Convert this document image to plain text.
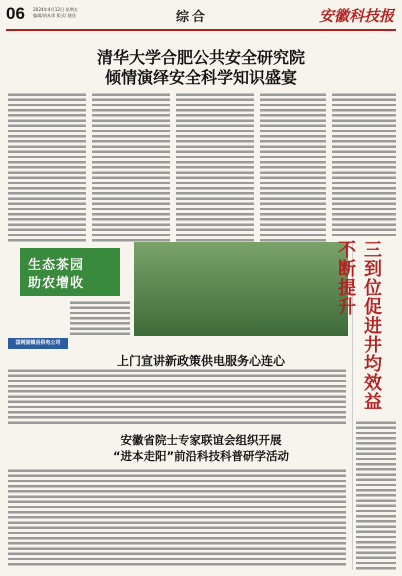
06 2024年4月12日 星期五
编辑/胡从荣 版式/ 姚佳	综合	安徽科技报
清华大学合肥公共安全研究院
倾情演绎安全科学知识盛宴
生态茶园
助农增收
国网固镇县供电公司
上门宣讲新政策供电服务心连心
安徽省院士专家联谊会组织开展
“进本走阳”前沿科技科普研学活动
三到位促进井均效益不断提升
